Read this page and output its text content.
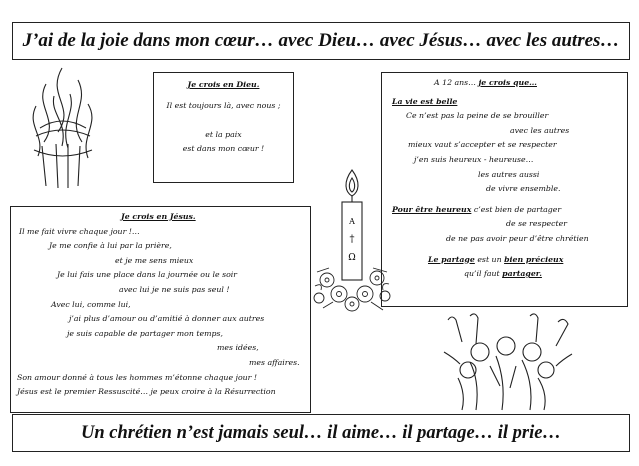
J’ai de la joie dans mon cœur… avec Dieu… avec Jésus… avec les autres…
Je crois en Dieu.
Il est toujours là, avec nous ;

et la paix
est dans mon cœur !
A 12 ans… je crois que…
La vie est belle
Ce n’est pas la peine de se brouiller
avec les autres
mieux vaut s’accepter et se respecter
j’en suis heureux - heureuse…
les autres aussi
de vivre ensemble.
Pour être heureux c’est bien de partager
de se respecter
de ne pas avoir peur d’être chrétien
Le partage est un bien précieux
qu’il faut partager.
A
†
Ω
Je crois en Jésus.
Il me fait vivre chaque jour !…
Je me confie à lui par la prière,
et je me sens mieux
Je lui fais une place dans la journée ou le soir
avec lui je ne suis pas seul !
Avec lui, comme lui,
j’ai plus d’amour ou d’amitié à donner aux autres
je suis capable de partager mon temps,
mes idées,
mes affaires.
Son amour donné à tous les hommes m’étonne chaque jour !
Jésus est le premier Ressuscité… je peux croire à la Résurrection
Un chrétien n’est jamais seul… il aime… il partage… il prie…
